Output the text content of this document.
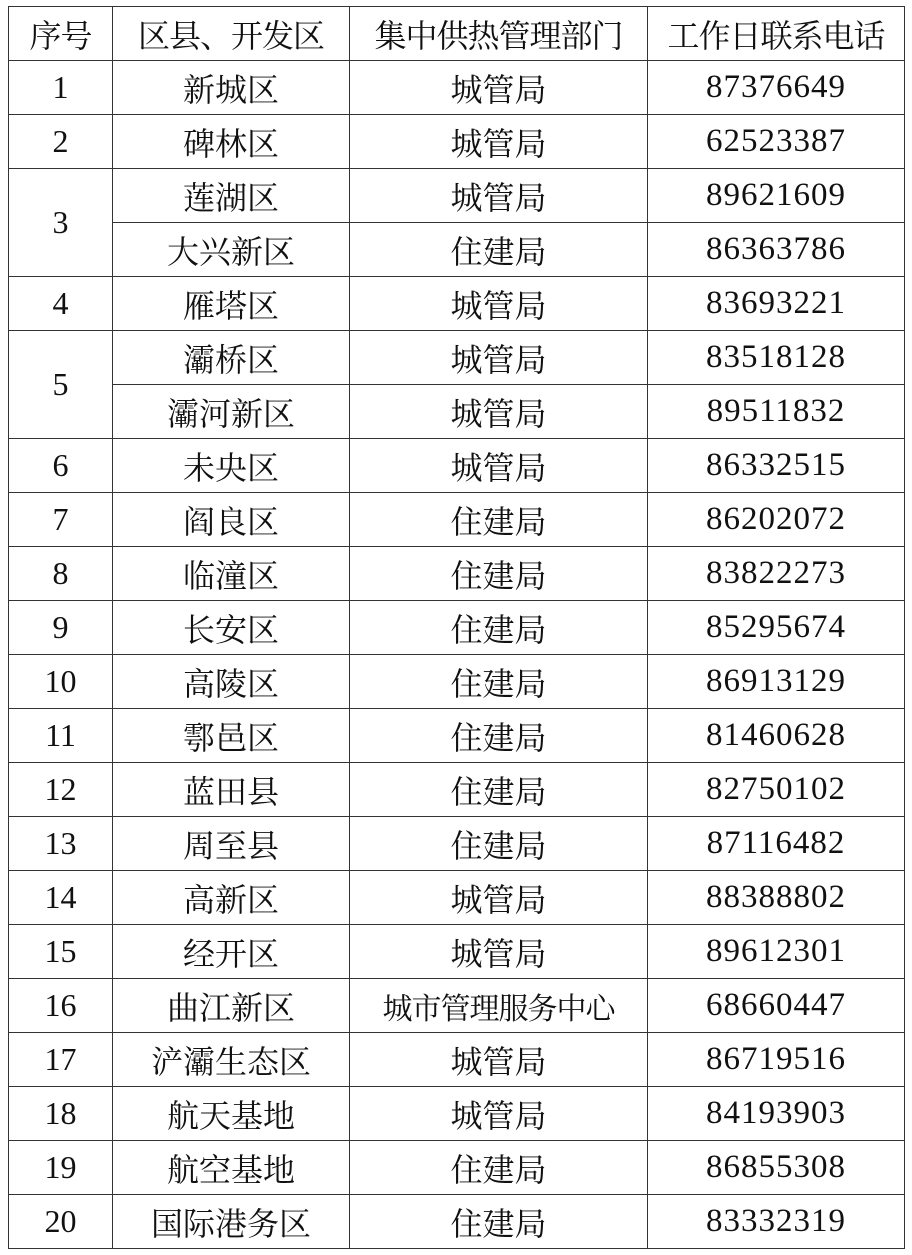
序号	区县、开发区	集中供热管理部门	工作日联系电话
1	新城区	城管局	87376649
2	碑林区	城管局	62523387
3	莲湖区	城管局	89621609
	大兴新区	住建局	86363786
4	雁塔区	城管局	83693221
5	灞桥区	城管局	83518128
	灞河新区	城管局	89511832
6	未央区	城管局	86332515
7	阎良区	住建局	86202072
8	临潼区	住建局	83822273
9	长安区	住建局	85295674
10	高陵区	住建局	86913129
11	鄠邑区	住建局	81460628
12	蓝田县	住建局	82750102
13	周至县	住建局	87116482
14	高新区	城管局	88388802
15	经开区	城管局	89612301
16	曲江新区	城市管理服务中心	68660447
17	浐灞生态区	城管局	86719516
18	航天基地	城管局	84193903
19	航空基地	住建局	86855308
20	国际港务区	住建局	83332319
